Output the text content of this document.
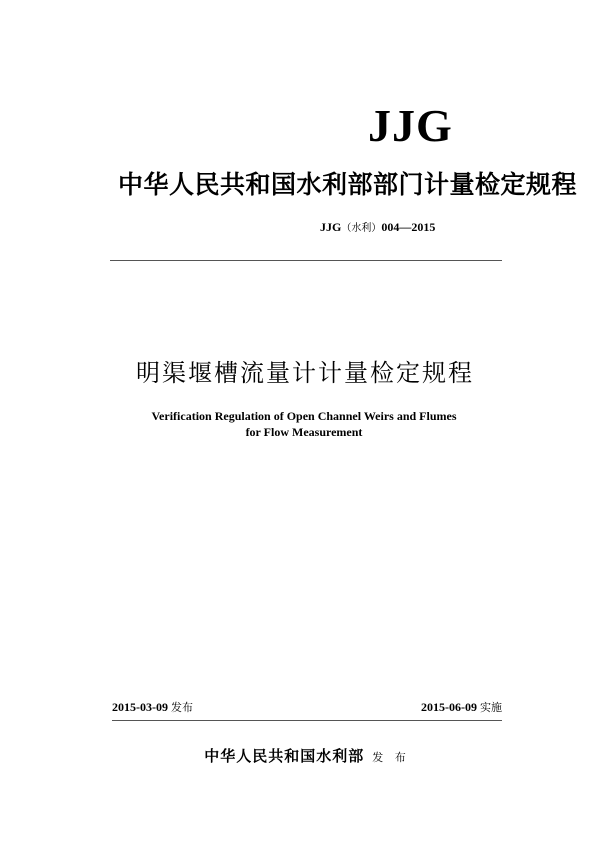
JJG
中华人民共和国水利部部门计量检定规程
JJG（水利）004—2015
明渠堰槽流量计计量检定规程
Verification Regulation of Open Channel Weirs and Flumes
for Flow Measurement
2015-03-09 发布	2015-06-09 实施
中华人民共和国水利部 发 布
